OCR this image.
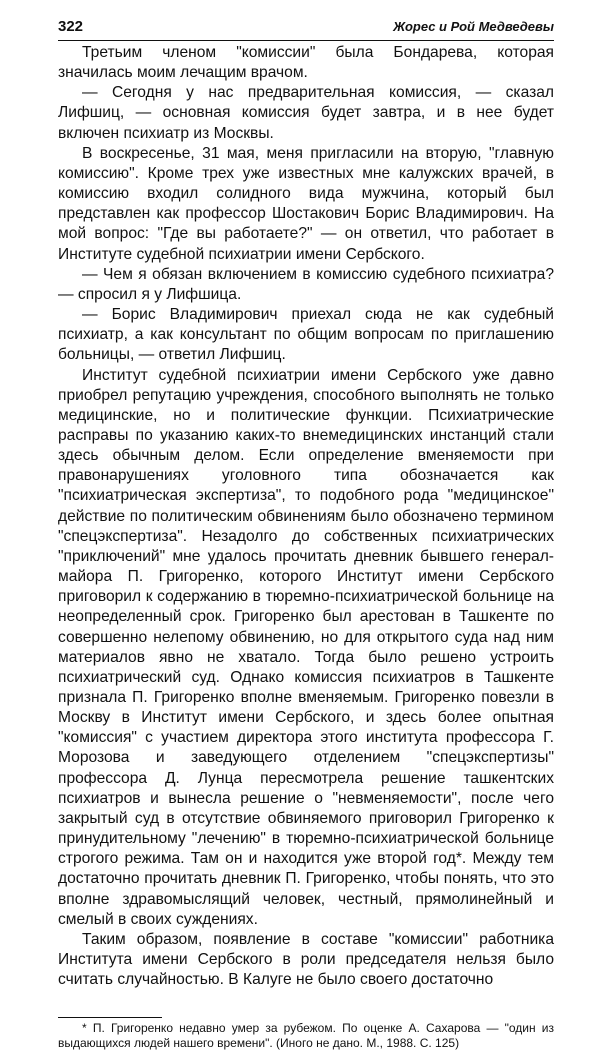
322	Жорес и Рой Медведевы

Третьим членом "комиссии" была Бондарева, которая значилась моим лечащим врачом.

— Сегодня у нас предварительная комиссия, — сказал Лифшиц, — основная комиссия будет завтра, и в нее будет включен психиатр из Москвы.

В воскресенье, 31 мая, меня пригласили на вторую, "главную комиссию". Кроме трех уже известных мне калужских врачей, в комиссию входил солидного вида мужчина, который был представлен как профессор Шостакович Борис Владимирович. На мой вопрос: "Где вы работаете?" — он ответил, что работает в Институте судебной психиатрии имени Сербского.

— Чем я обязан включением в комиссию судебного психиатра? — спросил я у Лифшица.

— Борис Владимирович приехал сюда не как судебный психиатр, а как консультант по общим вопросам по приглашению больницы, — ответил Лифшиц.

Институт судебной психиатрии имени Сербского уже давно приобрел репутацию учреждения, способного выполнять не только медицинские, но и политические функции. Психиатрические расправы по указанию каких-то внемедицинских инстанций стали здесь обычным делом. Если определение вменяемости при правонарушениях уголовного типа обозначается как "психиатрическая экспертиза", то подобного рода "медицинское" действие по политическим обвинениям было обозначено термином "спецэкспертиза". Незадолго до собственных психиатрических "приключений" мне удалось прочитать дневник бывшего генерал-майора П. Григоренко, которого Институт имени Сербского приговорил к содержанию в тюремно-психиатрической больнице на неопределенный срок. Григоренко был арестован в Ташкенте по совершенно нелепому обвинению, но для открытого суда над ним материалов явно не хватало. Тогда было решено устроить психиатрический суд. Однако комиссия психиатров в Ташкенте признала П. Григоренко вполне вменяемым. Григоренко повезли в Москву в Институт имени Сербского, и здесь более опытная "комиссия" с участием директора этого института профессора Г. Морозова и заведующего отделением "спецэкспертизы" профессора Д. Лунца пересмотрела решение ташкентских психиатров и вынесла решение о "невменяемости", после чего закрытый суд в отсутствие обвиняемого приговорил Григоренко к принудительному "лечению" в тюремно-психиатрической больнице строгого режима. Там он и находится уже второй год*. Между тем достаточно прочитать дневник П. Григоренко, чтобы понять, что это вполне здравомыслящий человек, честный, прямолинейный и смелый в своих суждениях.

Таким образом, появление в составе "комиссии" работника Института имени Сербского в роли председателя нельзя было считать случайностью. В Калуге не было своего достаточно

* П. Григоренко недавно умер за рубежом. По оценке А. Сахарова — "один из выдающихся людей нашего времени". (Иного не дано. М., 1988. С. 125)
